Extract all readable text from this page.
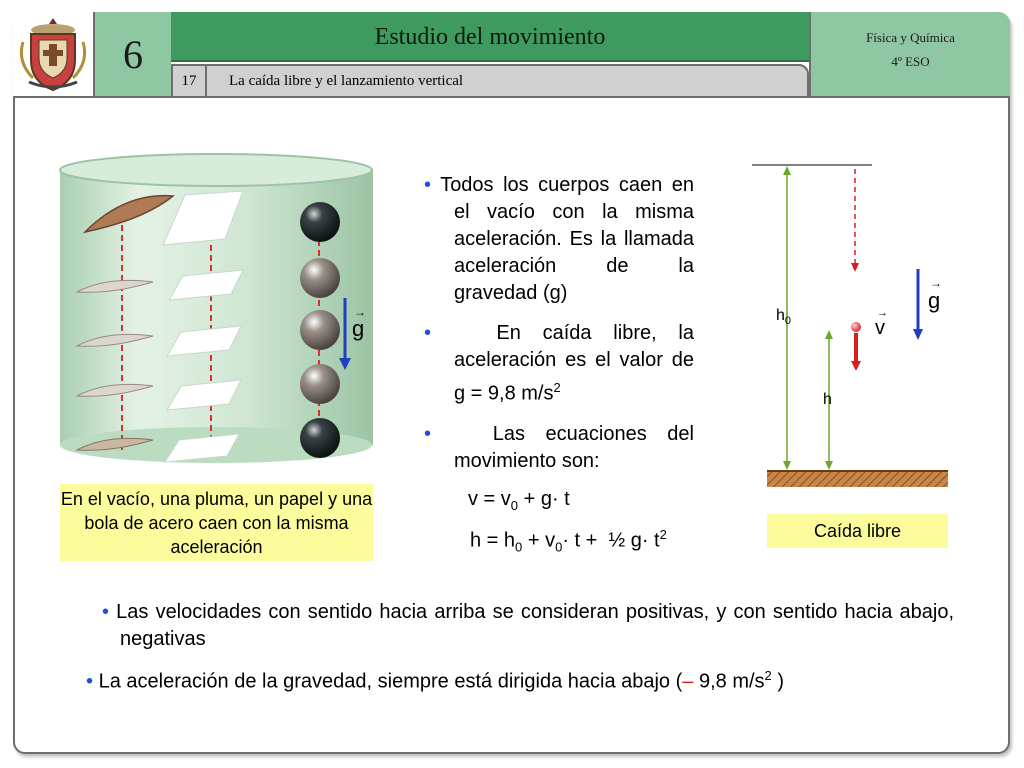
6	Estudio del movimiento
17	La caída libre y el lanzamiento vertical
Física y Química
4º ESO
→
g
En el vacío, una pluma, un papel y una bola de acero caen con la misma aceleración

• Todos los cuerpos caen en el vacío con la misma aceleración. Es la llamada aceleración de la gravedad (g)

•	En caída libre, la aceleración es el valor de g = 9,8 $m/s^2$

•	Las ecuaciones del movimiento son:

$v = v_0 + g\cdot t$
$h = h_0 + v_0\cdot t$ +  ½ $g\cdot t^2$
$h_0$
h
→
v
→
g
Caída libre

• Las velocidades con sentido hacia arriba se consideran positivas, y con sentido hacia abajo, negativas

• La aceleración de la gravedad, siempre está dirigida hacia abajo (– 9,8 $m/s^2$ )
